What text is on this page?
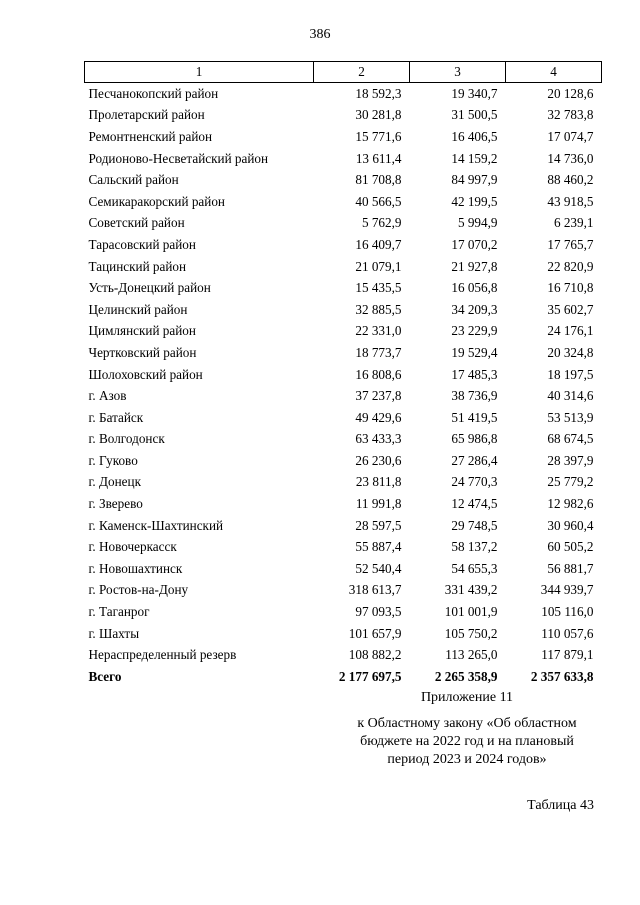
386
1	2	3	4
Песчанокопский район	18 592,3	19 340,7	20 128,6
Пролетарский район	30 281,8	31 500,5	32 783,8
Ремонтненский район	15 771,6	16 406,5	17 074,7
Родионово-Несветайский район	13 611,4	14 159,2	14 736,0
Сальский район	81 708,8	84 997,9	88 460,2
Семикаракорский район	40 566,5	42 199,5	43 918,5
Советский район	5 762,9	5 994,9	6 239,1
Тарасовский район	16 409,7	17 070,2	17 765,7
Тацинский район	21 079,1	21 927,8	22 820,9
Усть-Донецкий район	15 435,5	16 056,8	16 710,8
Целинский район	32 885,5	34 209,3	35 602,7
Цимлянский район	22 331,0	23 229,9	24 176,1
Чертковский район	18 773,7	19 529,4	20 324,8
Шолоховский район	16 808,6	17 485,3	18 197,5
г. Азов	37 237,8	38 736,9	40 314,6
г. Батайск	49 429,6	51 419,5	53 513,9
г. Волгодонск	63 433,3	65 986,8	68 674,5
г. Гуково	26 230,6	27 286,4	28 397,9
г. Донецк	23 811,8	24 770,3	25 779,2
г. Зверево	11 991,8	12 474,5	12 982,6
г. Каменск-Шахтинский	28 597,5	29 748,5	30 960,4
г. Новочеркасск	55 887,4	58 137,2	60 505,2
г. Новошахтинск	52 540,4	54 655,3	56 881,7
г. Ростов-на-Дону	318 613,7	331 439,2	344 939,7
г. Таганрог	97 093,5	101 001,9	105 116,0
г. Шахты	101 657,9	105 750,2	110 057,6
Нераспределенный резерв	108 882,2	113 265,0	117 879,1
Всего	2 177 697,5	2 265 358,9	2 357 633,8
Приложение 11
к Областному закону «Об областном
бюджете на 2022 год и на плановый
период 2023 и 2024 годов»
Таблица 43
